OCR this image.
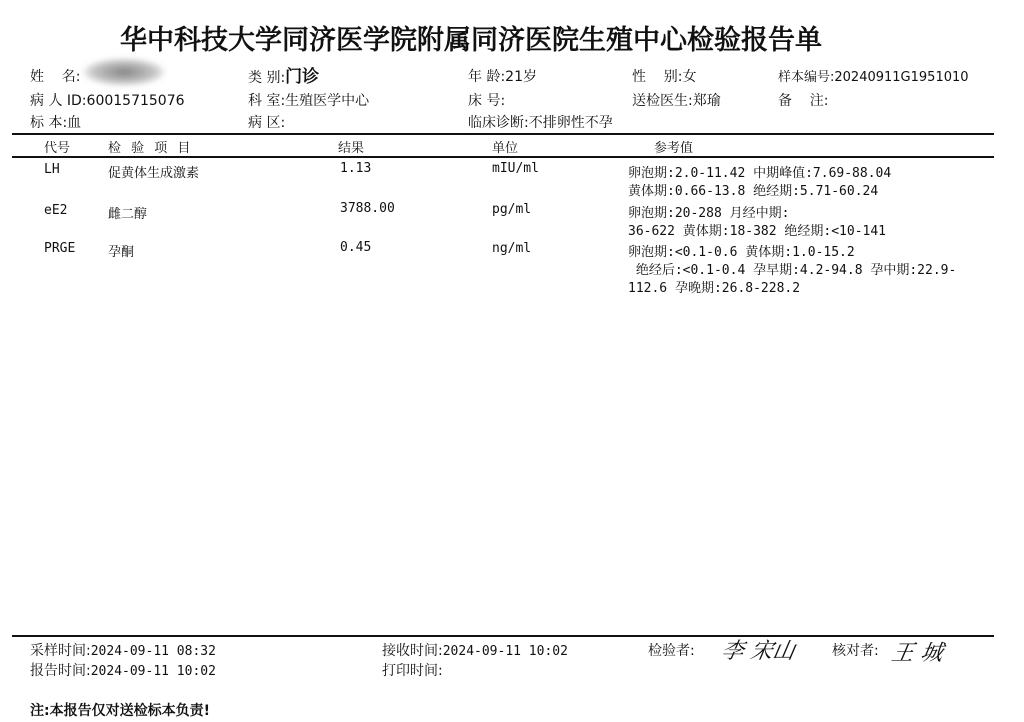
华中科技大学同济医学院附属同济医院生殖中心检验报告单
姓    名:	类 别:门诊	年 龄:21岁	性    别:女	样本编号:20240911G1951010
病 人 ID:60015715076	科 室:生殖医学中心	床 号:	送检医生:郑瑜	备    注:
标 本:血	病 区:	临床诊断:不排卵性不孕
代号	检 验 项 目	结果	单位	参考值
LH	促黄体生成激素	1.13	mIU/ml	卵泡期:2.0-11.42 中期峰值:7.69-88.04
黄体期:0.66-13.8 绝经期:5.71-60.24
eE2	雌二醇	3788.00	pg/ml	卵泡期:20-288 月经中期:
36-622 黄体期:18-382 绝经期:<10-141
PRGE	孕酮	0.45	ng/ml	卵泡期:<0.1-0.6 黄体期:1.0-15.2
绝经后:<0.1-0.4 孕早期:4.2-94.8 孕中期:22.9-
112.6 孕晚期:26.8-228.2
采样时间:2024-09-11 08:32
报告时间:2024-09-11 10:02
接收时间:2024-09-11 10:02
打印时间:
检验者: 李 宋山	核对者: 王 城
注:本报告仅对送检标本负责!
